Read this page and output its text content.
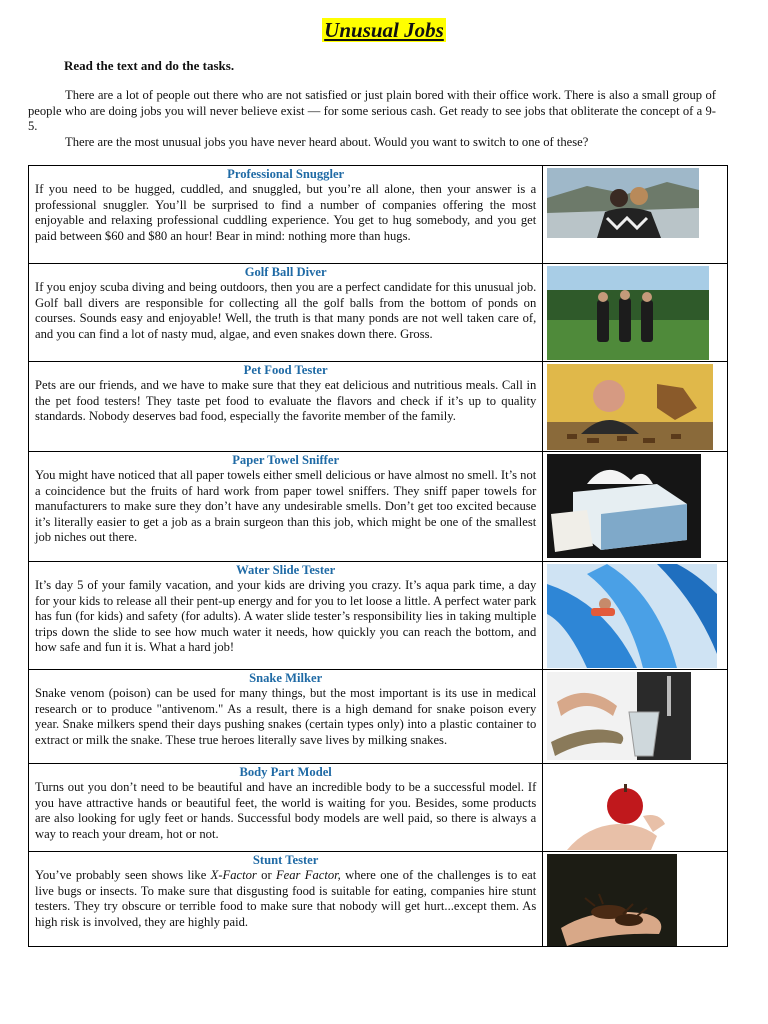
Unusual Jobs
Read the text and do the tasks.

There are a lot of people out there who are not satisfied or just plain bored with their office work. There is also a small group of people who are doing jobs you will never believe exist — for some serious cash. Get ready to see jobs that obliterate the concept of a 9-5.

There are the most unusual jobs you have never heard about. Would you want to switch to one of these?

Professional Snuggler

If you need to be hugged, cuddled, and snuggled, but you’re all alone, then your answer is a professional snuggler. You’ll be surprised to find a number of companies offering the most enjoyable and relaxing professional cuddling experience. You get to hug somebody, and you get paid between $60 and $80 an hour! Bear in mind: nothing more than hugs.

Golf Ball Diver

If you enjoy scuba diving and being outdoors, then you are a perfect candidate for this unusual job. Golf ball divers are responsible for collecting all the golf balls from the bottom of ponds on courses. Sounds easy and enjoyable! Well, the truth is that many ponds are not well taken care of, and you can find a lot of nasty mud, algae, and even snakes down there. Gross.

Pet Food Tester

Pets are our friends, and we have to make sure that they eat delicious and nutritious meals. Call in the pet food testers! They taste pet food to evaluate the flavors and check if it’s up to quality standards. Nobody deserves bad food, especially the favorite member of the family.

Paper Towel Sniffer

You might have noticed that all paper towels either smell delicious or have almost no smell. It’s not a coincidence but the fruits of hard work from paper towel sniffers. They sniff paper towels for manufacturers to make sure they don’t have any undesirable smells. Don’t get too excited because it’s literally easier to get a job as a brain surgeon than this job, which might be one of the smallest job niches out there.

Water Slide Tester

It’s day 5 of your family vacation, and your kids are driving you crazy. It’s aqua park time, a day for your kids to release all their pent-up energy and for you to let loose a little. A perfect water park has fun (for kids) and safety (for adults). A water slide tester’s responsibility lies in taking multiple trips down the slide to see how much water it needs, how quickly you can reach the bottom, and how safe and fun it is. What a hard job!

Snake Milker

Snake venom (poison) can be used for many things, but the most important is its use in medical research or to produce "antivenom." As a result, there is a high demand for snake poison every year. Snake milkers spend their days pushing snakes (certain types only) into a plastic container to extract or milk the snake. These true heroes literally save lives by milking snakes.

Body Part Model

Turns out you don’t need to be beautiful and have an incredible body to be a successful model. If you have attractive hands or beautiful feet, the world is waiting for you. Besides, some products are also looking for ugly feet or hands. Successful body models are well paid, so there is always a way to reach your dream, hot or not.

Stunt Tester

You’ve probably seen shows like X-Factor or Fear Factor, where one of the challenges is to eat live bugs or insects. To make sure that disgusting food is suitable for eating, companies hire stunt testers. They try obscure or terrible food to make sure that nobody will get hurt...except them. As high risk is involved, they are highly paid.
